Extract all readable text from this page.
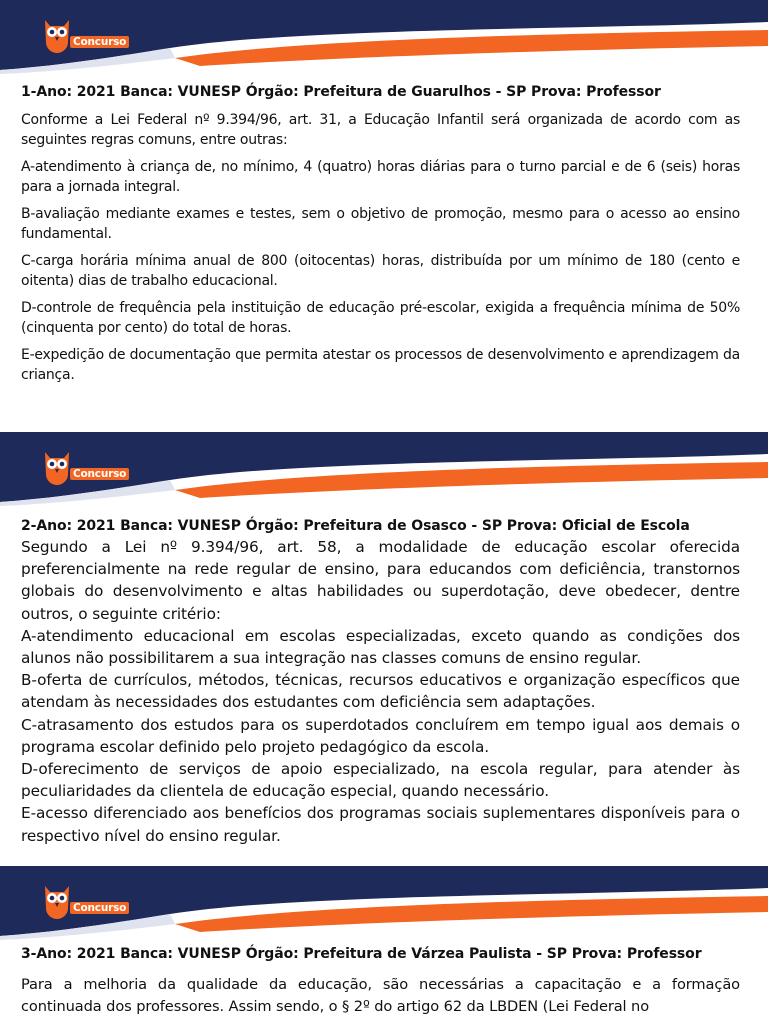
Pedagogia
para o
Concurso

1-Ano: 2021 Banca: VUNESP Órgão: Prefeitura de Guarulhos - SP Prova: Professor

Conforme a Lei Federal nº 9.394/96, art. 31, a Educação Infantil será organizada de acordo com as seguintes regras comuns, entre outras:

A-atendimento à criança de, no mínimo, 4 (quatro) horas diárias para o turno parcial e de 6 (seis) horas para a jornada integral.

B-avaliação mediante exames e testes, sem o objetivo de promoção, mesmo para o acesso ao ensino fundamental.

C-carga horária mínima anual de 800 (oitocentas) horas, distribuída por um mínimo de 180 (cento e oitenta) dias de trabalho educacional.

D-controle de frequência pela instituição de educação pré-escolar, exigida a frequência mínima de 50% (cinquenta por cento) do total de horas.

E-expedição de documentação que permita atestar os processos de desenvolvimento e aprendizagem da criança.

Pedagogia
para o
Concurso

2-Ano: 2021 Banca: VUNESP Órgão: Prefeitura de Osasco - SP Prova: Oficial de Escola

Segundo a Lei nº 9.394/96, art. 58, a modalidade de educação escolar oferecida preferencialmente na rede regular de ensino, para educandos com deficiência, transtornos globais do desenvolvimento e altas habilidades ou superdotação, deve obedecer, dentre outros, o seguinte critério:

A-atendimento educacional em escolas especializadas, exceto quando as condições dos alunos não possibilitarem a sua integração nas classes comuns de ensino regular.

B-oferta de currículos, métodos, técnicas, recursos educativos e organização específicos que atendam às necessidades dos estudantes com deficiência sem adaptações.

C-atrasamento dos estudos para os superdotados concluírem em tempo igual aos demais o programa escolar definido pelo projeto pedagógico da escola.

D-oferecimento de serviços de apoio especializado, na escola regular, para atender às peculiaridades da clientela de educação especial, quando necessário.

E-acesso diferenciado aos benefícios dos programas sociais suplementares disponíveis para o respectivo nível do ensino regular.

Pedagogia
para o
Concurso

3-Ano: 2021 Banca: VUNESP Órgão: Prefeitura de Várzea Paulista - SP Prova: Professor

Para a melhoria da qualidade da educação, são necessárias a capacitação e a formação continuada dos professores. Assim sendo, o § 2º do artigo 62 da LBDEN (Lei Federal no
